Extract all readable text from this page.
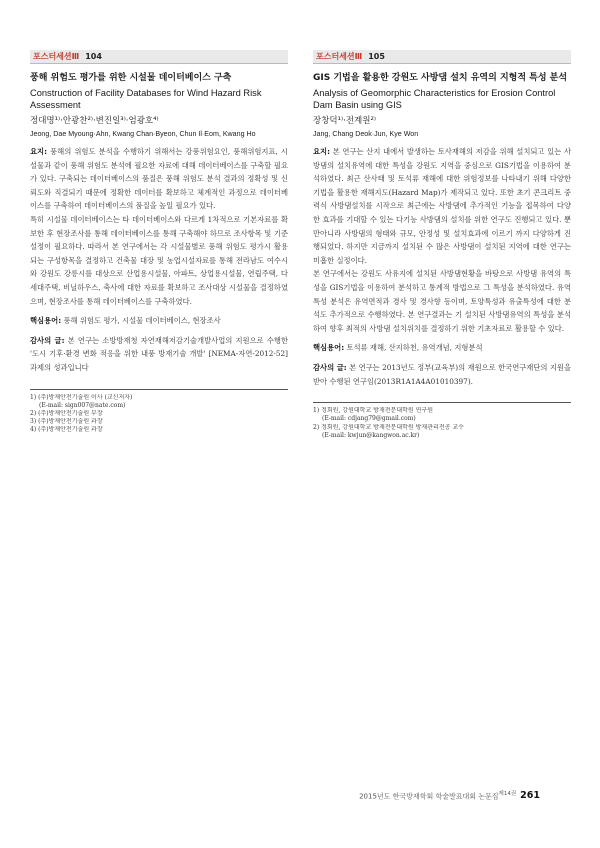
포스터세션Ⅲ 104
풍해 위험도 평가를 위한 시설물 데이터베이스 구축
Construction of Facility Databases for Wind Hazard Risk Assessment
정대명¹⁾·안광찬²⁾·변진일³⁾·엄광호⁴⁾
Jeong, Dae Myoung·Ahn, Kwang Chan·Byeon, Chun Il·Eom, Kwang Ho

요지: 풍해의 위험도 분석을 수행하기 위해서는 강풍위험요인, 풍해위험지표, 시설물과 같이 풍해 위험도 분석에 필요한 자료에 대해 데이터베이스를 구축할 필요가 있다. 구축되는 데이터베이스의 품질은 풍해 위험도 분석 결과의 정확성 및 신뢰도와 직결되기 때문에 정확한 데이터를 확보하고 체계적인 과정으로 데이터베이스를 구축하여 데이터베이스의 품질을 높일 필요가 있다.

특히 시설물 데이터베이스는 타 데이터베이스와 다르게 1차적으로 기본자료를 확보한 후 현장조사를 통해 데이터베이스를 통해 구축해야 하므로 조사항목 및 기준설정이 필요하다. 따라서 본 연구에서는 각 시설물별로 풍해 위험도 평가시 활용되는 구성항목을 결정하고 건축물 대장 및 농업시설자료를 통해 전라남도 여수시와 강원도 강릉시를 대상으로 산업용시설물, 아파트, 상업용시설물, 연립주택, 다세대주택, 비닐하우스, 축사에 대한 자료를 확보하고 조사대상 시설물을 결정하였으며, 현장조사를 통해 데이터베이스를 구축하였다.

핵심용어: 풍해 위험도 평가, 시설물 데이터베이스, 현장조사

감사의 글: 본 연구는 소방방재청 자연재해저감기술개발사업의 지원으로 수행한 '도시 기후·환경 변화 적응을 위한 내풍 방재기술 개발' [NEMA-자연-2012-52] 과제의 성과입니다

1) (주)방재안전기술원 이사 (교신저자)
(E-mail: sign007@nate.com)
2) (주)방재안전기술원 부장
3) (주)방재안전기술원 과장
4) (주)방재안전기술원 과장
포스터세션Ⅲ 105
GIS 기법을 활용한 강원도 사방댐 설치 유역의 지형적 특성 분석
Analysis of Geomorphic Characteristics for Erosion Control Dam Basin using GIS
장창덕¹⁾·전계원²⁾
Jang, Chang Deok·Jun, Kye Won

요지: 본 연구는 산지 내에서 발생하는 토사재해의 저감을 위해 설치되고 있는 사방댐의 설치유역에 대한 특성을 강원도 지역을 중심으로 GIS기법을 이용하여 분석하였다. 최근 산사태 및 토석류 재해에 대한 위험정보를 나타내기 위해 다양한 기법을 활용한 재해지도(Hazard Map)가 제작되고 있다. 또한 초기 콘크리트 중력식 사방댐설치를 시작으로 최근에는 사방댐에 추가적인 기능을 접목하여 다양한 효과를 기대할 수 있는 다기능 사방댐의 설치를 위한 연구도 진행되고 있다. 뿐만아니라 사방댐의 형태와 규모, 안정성 및 설치효과에 이르기 까지 다양하게 진행되었다. 하지만 지금까지 설치된 수 많은 사방댐이 설치된 지역에 대한 연구는 미흡한 실정이다.

본 연구에서는 강원도 사유지에 설치된 사방댐현황을 바탕으로 사방댐 유역의 특성을 GIS기법을 이용하여 분석하고 통계적 방법으로 그 특성을 분석하였다. 유역특성 분석은 유역면적과 경사 및 경사향 등이며, 토양특성과 유출특성에 대한 분석도 추가적으로 수행하였다. 본 연구결과는 기 설치된 사방댐유역의 특성을 분석하여 향후 최적의 사방댐 설치위치를 결정하기 위한 기초자료로 활용할 수 있다.

핵심용어: 토석류 재해, 산지하천, 유역개념, 지형분석

감사의 글: 본 연구는 2013년도 정부(교육부)의 재원으로 한국연구재단의 지원을 받아 수행된 연구임(2013R1A1A4A01010397).

1) 정회원, 강원대학교 방재전문대학원 연구원
(E-mail: cdjang79@gmail.com)
2) 정회원, 강원대학교 방재전문대학원 방재관리전공 교수
(E-mail: kwjun@kangwon.ac.kr)
2015년도 한국방재학회 학술발표대회 논문집$^{제14권}$ 261
